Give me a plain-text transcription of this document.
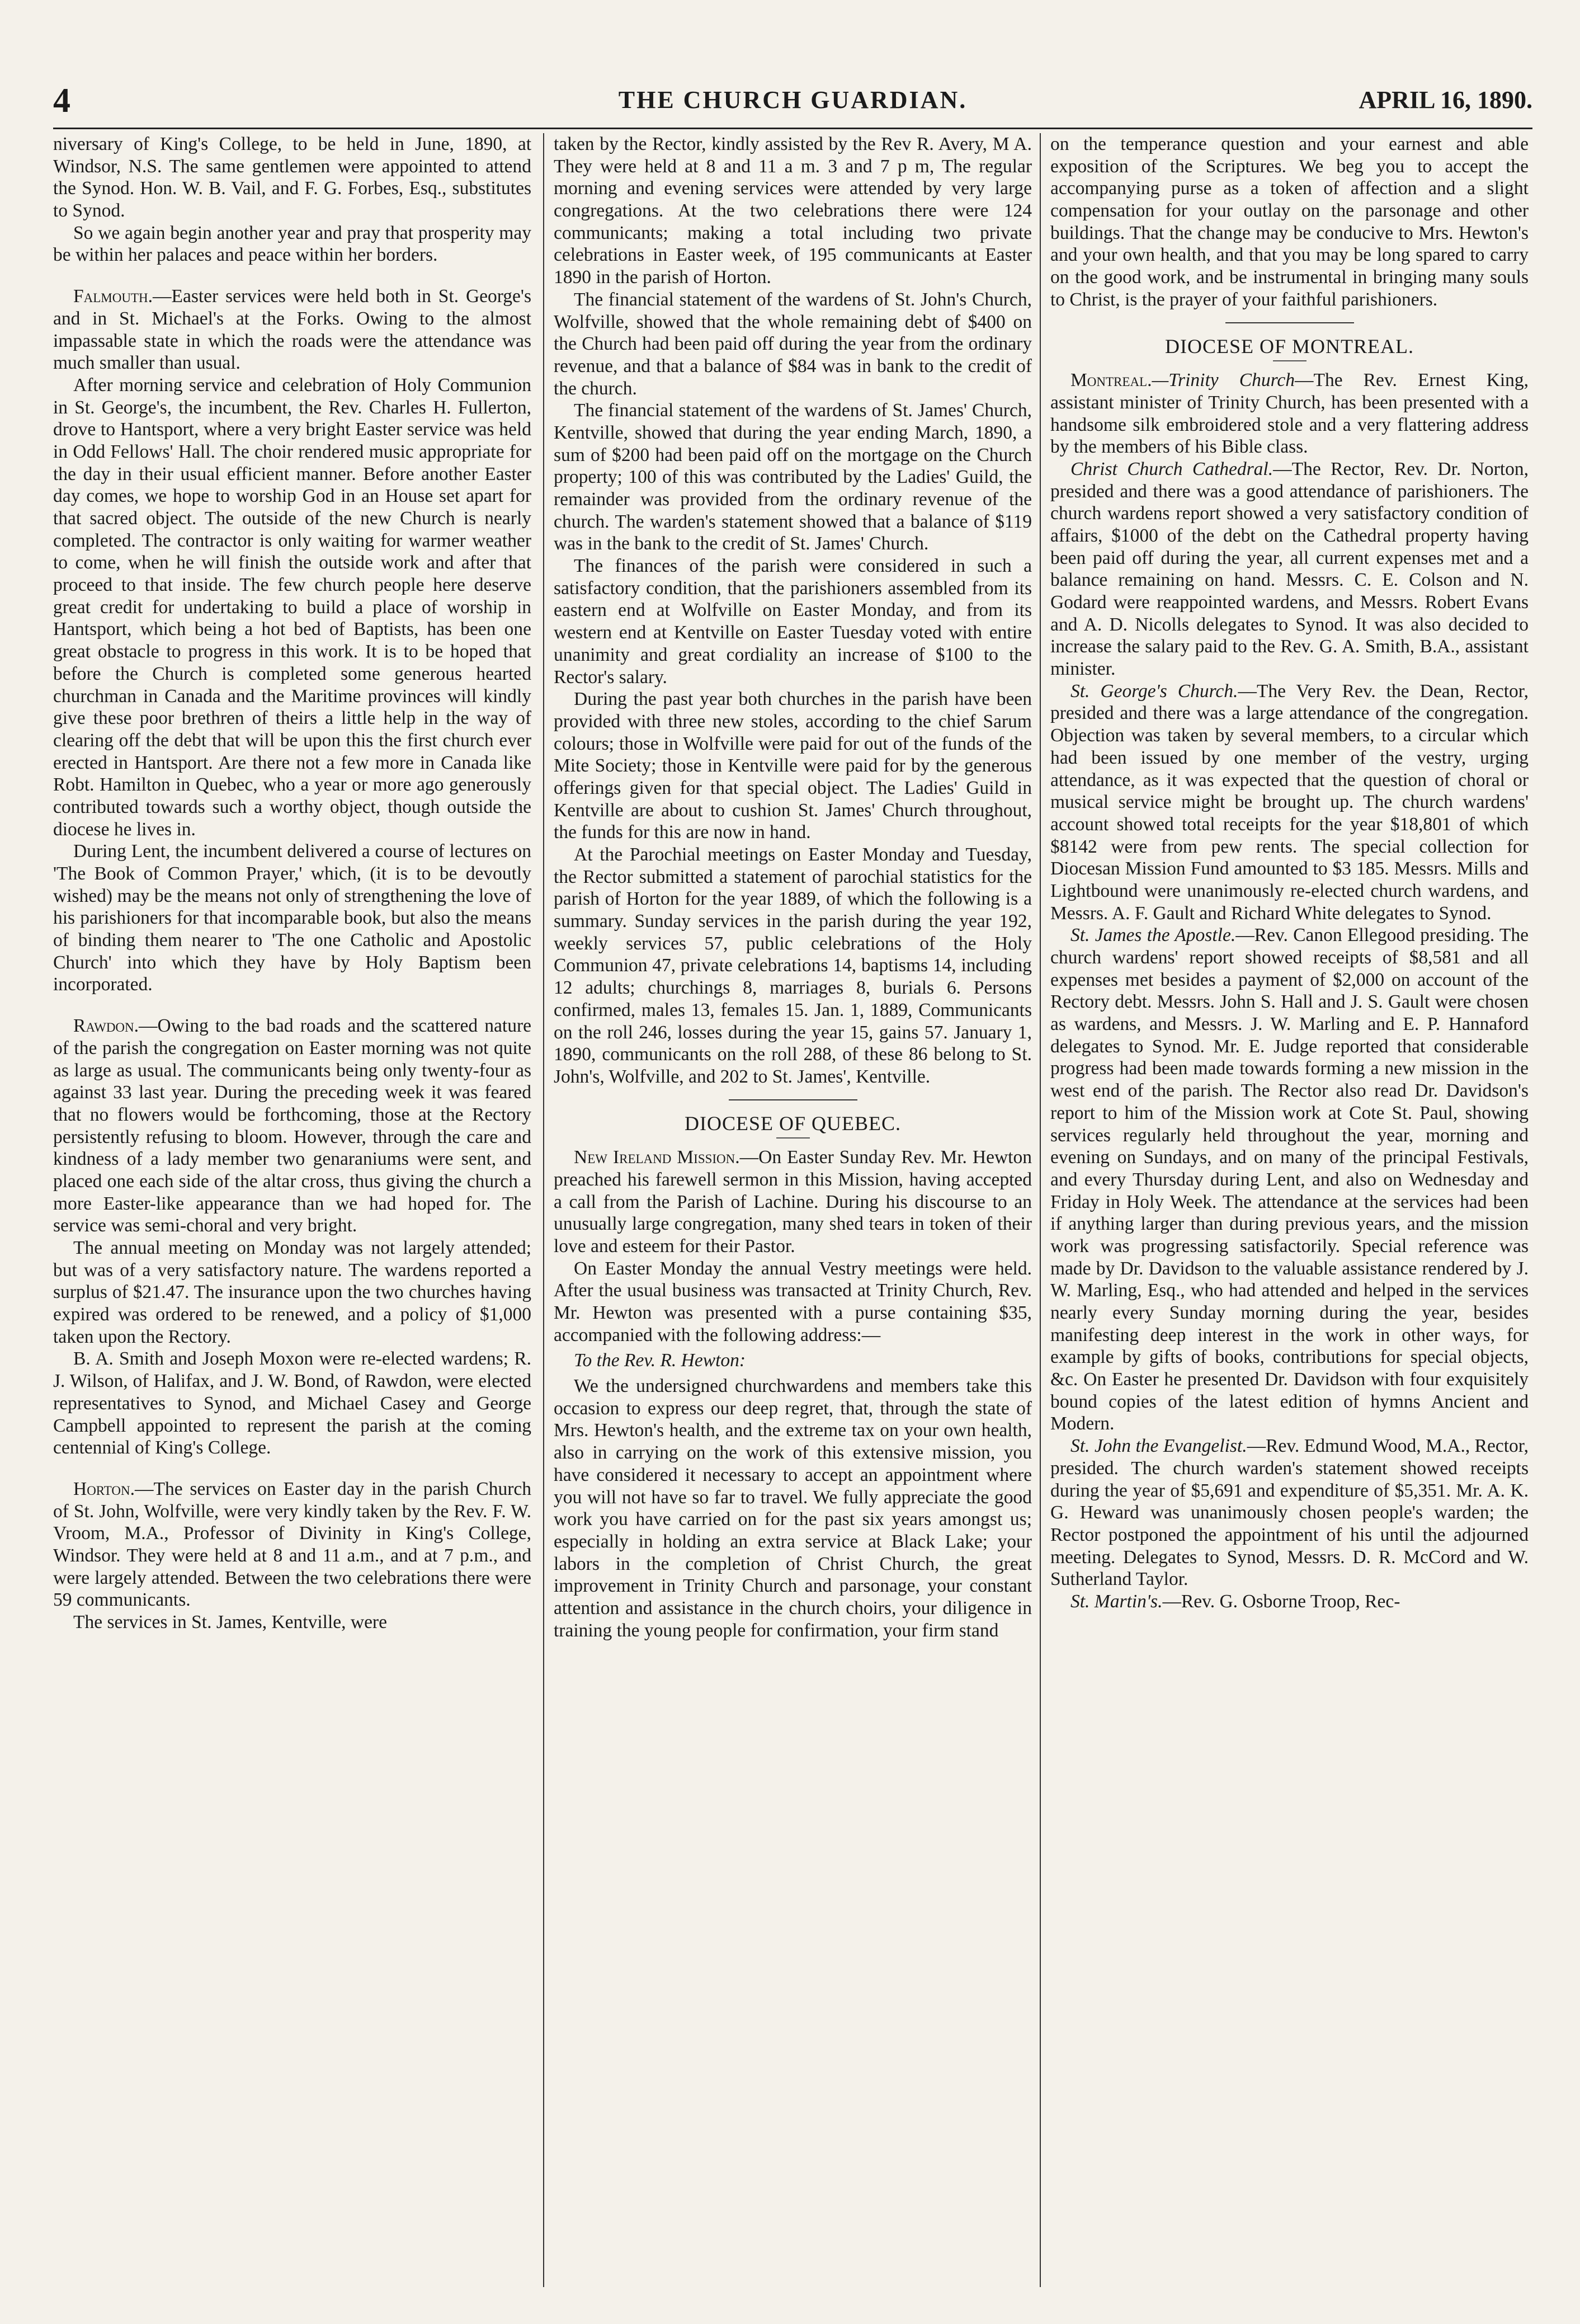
4	THE CHURCH GUARDIAN.	APRIL 16, 1890.

niversary of King's College, to be held in June, 1890, at Windsor, N.S. The same gentlemen were appointed to attend the Synod. Hon. W. B. Vail, and F. G. Forbes, Esq., substitutes to Synod.

So we again begin another year and pray that prosperity may be within her palaces and peace within her borders.

Falmouth.—Easter services were held both in St. George's and in St. Michael's at the Forks. Owing to the almost impassable state in which the roads were the attendance was much smaller than usual.

After morning service and celebration of Holy Communion in St. George's, the incumbent, the Rev. Charles H. Fullerton, drove to Hantsport, where a very bright Easter service was held in Odd Fellows' Hall. The choir rendered music appropriate for the day in their usual efficient manner. Before another Easter day comes, we hope to worship God in an House set apart for that sacred object. The outside of the new Church is nearly completed. The contractor is only waiting for warmer weather to come, when he will finish the outside work and after that proceed to that inside. The few church people here deserve great credit for undertaking to build a place of worship in Hantsport, which being a hot bed of Baptists, has been one great obstacle to progress in this work. It is to be hoped that before the Church is completed some generous hearted churchman in Canada and the Maritime provinces will kindly give these poor brethren of theirs a little help in the way of clearing off the debt that will be upon this the first church ever erected in Hantsport. Are there not a few more in Canada like Robt. Hamilton in Quebec, who a year or more ago generously contributed towards such a worthy object, though outside the diocese he lives in.

During Lent, the incumbent delivered a course of lectures on 'The Book of Common Prayer,' which, (it is to be devoutly wished) may be the means not only of strengthening the love of his parishioners for that incomparable book, but also the means of binding them nearer to 'The one Catholic and Apostolic Church' into which they have by Holy Baptism been incorporated.

Rawdon.—Owing to the bad roads and the scattered nature of the parish the congregation on Easter morning was not quite as large as usual. The communicants being only twenty-four as against 33 last year. During the preceding week it was feared that no flowers would be forthcoming, those at the Rectory persistently refusing to bloom. However, through the care and kindness of a lady member two genaraniums were sent, and placed one each side of the altar cross, thus giving the church a more Easter-like appearance than we had hoped for. The service was semi-choral and very bright.

The annual meeting on Monday was not largely attended; but was of a very satisfactory nature. The wardens reported a surplus of $21.47. The insurance upon the two churches having expired was ordered to be renewed, and a policy of $1,000 taken upon the Rectory.

B. A. Smith and Joseph Moxon were re-elected wardens; R. J. Wilson, of Halifax, and J. W. Bond, of Rawdon, were elected representatives to Synod, and Michael Casey and George Campbell appointed to represent the parish at the coming centennial of King's College.

Horton.—The services on Easter day in the parish Church of St. John, Wolfville, were very kindly taken by the Rev. F. W. Vroom, M.A., Professor of Divinity in King's College, Windsor. They were held at 8 and 11 a.m., and at 7 p.m., and were largely attended. Between the two celebrations there were 59 communicants.

The services in St. James, Kentville, were

taken by the Rector, kindly assisted by the Rev R. Avery, M A. They were held at 8 and 11 a m. 3 and 7 p m, The regular morning and evening services were attended by very large congregations. At the two celebrations there were 124 communicants; making a total including two private celebrations in Easter week, of 195 communicants at Easter 1890 in the parish of Horton.

The financial statement of the wardens of St. John's Church, Wolfville, showed that the whole remaining debt of $400 on the Church had been paid off during the year from the ordinary revenue, and that a balance of $84 was in bank to the credit of the church.

The financial statement of the wardens of St. James' Church, Kentville, showed that during the year ending March, 1890, a sum of $200 had been paid off on the mortgage on the Church property; 100 of this was contributed by the Ladies' Guild, the remainder was provided from the ordinary revenue of the church. The warden's statement showed that a balance of $119 was in the bank to the credit of St. James' Church.

The finances of the parish were considered in such a satisfactory condition, that the parishioners assembled from its eastern end at Wolfville on Easter Monday, and from its western end at Kentville on Easter Tuesday voted with entire unanimity and great cordiality an increase of $100 to the Rector's salary.

During the past year both churches in the parish have been provided with three new stoles, according to the chief Sarum colours; those in Wolfville were paid for out of the funds of the Mite Society; those in Kentville were paid for by the generous offerings given for that special object. The Ladies' Guild in Kentville are about to cushion St. James' Church throughout, the funds for this are now in hand.

At the Parochial meetings on Easter Monday and Tuesday, the Rector submitted a statement of parochial statistics for the parish of Horton for the year 1889, of which the following is a summary. Sunday services in the parish during the year 192, weekly services 57, public celebrations of the Holy Communion 47, private celebrations 14, baptisms 14, including 12 adults; churchings 8, marriages 8, burials 6. Persons confirmed, males 13, females 15. Jan. 1, 1889, Communicants on the roll 246, losses during the year 15, gains 57. January 1, 1890, communicants on the roll 288, of these 86 belong to St. John's, Wolfville, and 202 to St. James', Kentville.

DIOCESE OF QUEBEC.

New Ireland Mission.—On Easter Sunday Rev. Mr. Hewton preached his farewell sermon in this Mission, having accepted a call from the Parish of Lachine. During his discourse to an unusually large congregation, many shed tears in token of their love and esteem for their Pastor.

On Easter Monday the annual Vestry meetings were held. After the usual business was transacted at Trinity Church, Rev. Mr. Hewton was presented with a purse containing $35, accompanied with the following address:—

To the Rev. R. Hewton:

We the undersigned churchwardens and members take this occasion to express our deep regret, that, through the state of Mrs. Hewton's health, and the extreme tax on your own health, also in carrying on the work of this extensive mission, you have considered it necessary to accept an appointment where you will not have so far to travel. We fully appreciate the good work you have carried on for the past six years amongst us; especially in holding an extra service at Black Lake; your labors in the completion of Christ Church, the great improvement in Trinity Church and parsonage, your constant attention and assistance in the church choirs, your diligence in training the young people for confirmation, your firm stand

on the temperance question and your earnest and able exposition of the Scriptures. We beg you to accept the accompanying purse as a token of affection and a slight compensation for your outlay on the parsonage and other buildings. That the change may be conducive to Mrs. Hewton's and your own health, and that you may be long spared to carry on the good work, and be instrumental in bringing many souls to Christ, is the prayer of your faithful parishioners.

DIOCESE OF MONTREAL.

Montreal.—Trinity Church—The Rev. Ernest King, assistant minister of Trinity Church, has been presented with a handsome silk embroidered stole and a very flattering address by the members of his Bible class.

Christ Church Cathedral.—The Rector, Rev. Dr. Norton, presided and there was a good attendance of parishioners. The church wardens report showed a very satisfactory condition of affairs, $1000 of the debt on the Cathedral property having been paid off during the year, all current expenses met and a balance remaining on hand. Messrs. C. E. Colson and N. Godard were reappointed wardens, and Messrs. Robert Evans and A. D. Nicolls delegates to Synod. It was also decided to increase the salary paid to the Rev. G. A. Smith, B.A., assistant minister.

St. George's Church.—The Very Rev. the Dean, Rector, presided and there was a large attendance of the congregation. Objection was taken by several members, to a circular which had been issued by one member of the vestry, urging attendance, as it was expected that the question of choral or musical service might be brought up. The church wardens' account showed total receipts for the year $18,801 of which $8142 were from pew rents. The special collection for Diocesan Mission Fund amounted to $3 185. Messrs. Mills and Lightbound were unanimously re-elected church wardens, and Messrs. A. F. Gault and Richard White delegates to Synod.

St. James the Apostle.—Rev. Canon Ellegood presiding. The church wardens' report showed receipts of $8,581 and all expenses met besides a payment of $2,000 on account of the Rectory debt. Messrs. John S. Hall and J. S. Gault were chosen as wardens, and Messrs. J. W. Marling and E. P. Hannaford delegates to Synod. Mr. E. Judge reported that considerable progress had been made towards forming a new mission in the west end of the parish. The Rector also read Dr. Davidson's report to him of the Mission work at Cote St. Paul, showing services regularly held throughout the year, morning and evening on Sundays, and on many of the principal Festivals, and every Thursday during Lent, and also on Wednesday and Friday in Holy Week. The attendance at the services had been if anything larger than during previous years, and the mission work was progressing satisfactorily. Special reference was made by Dr. Davidson to the valuable assistance rendered by J. W. Marling, Esq., who had attended and helped in the services nearly every Sunday morning during the year, besides manifesting deep interest in the work in other ways, for example by gifts of books, contributions for special objects, &c. On Easter he presented Dr. Davidson with four exquisitely bound copies of the latest edition of hymns Ancient and Modern.

St. John the Evangelist.—Rev. Edmund Wood, M.A., Rector, presided. The church warden's statement showed receipts during the year of $5,691 and expenditure of $5,351. Mr. A. K. G. Heward was unanimously chosen people's warden; the Rector postponed the appointment of his until the adjourned meeting. Delegates to Synod, Messrs. D. R. McCord and W. Sutherland Taylor.

St. Martin's.—Rev. G. Osborne Troop, Rec-
